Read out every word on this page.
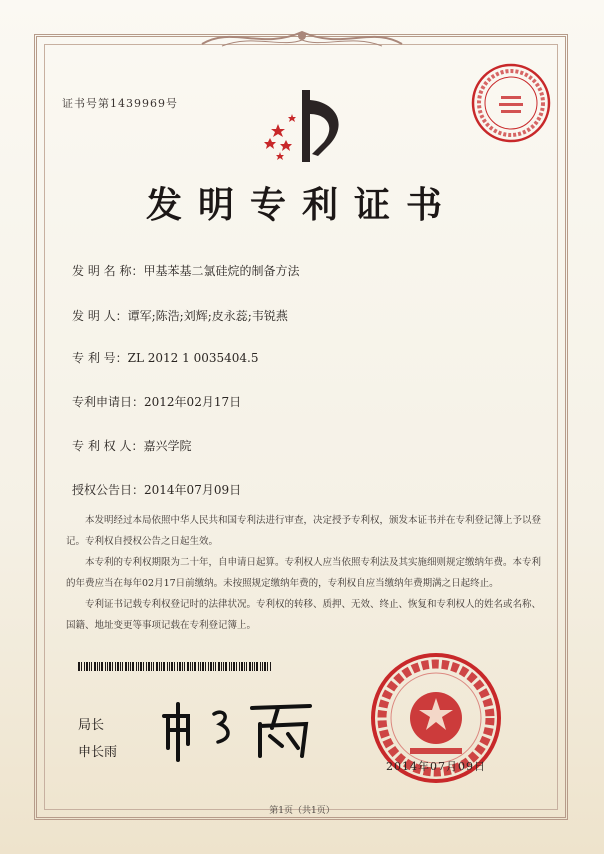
证书号第1439969号
发明专利证书
发 明 名 称：甲基苯基二氯硅烷的制备方法
发 明 人：谭军;陈浩;刘辉;皮永蕊;韦锐燕
专 利 号：ZL 2012 1 0035404.5
专利申请日：2012年02月17日
专 利 权 人：嘉兴学院
授权公告日：2014年07月09日

本发明经过本局依照中华人民共和国专利法进行审查，决定授予专利权，颁发本证书并在专利登记簿上予以登记。专利权自授权公告之日起生效。

本专利的专利权期限为二十年，自申请日起算。专利权人应当依照专利法及其实施细则规定缴纳年费。本专利的年费应当在每年02月17日前缴纳。未按照规定缴纳年费的，专利权自应当缴纳年费期满之日起终止。

专利证书记载专利权登记时的法律状况。专利权的转移、质押、无效、终止、恢复和专利权人的姓名或名称、国籍、地址变更等事项记载在专利登记簿上。

局长
申长雨
2014年07月09日
第1页（共1页）
